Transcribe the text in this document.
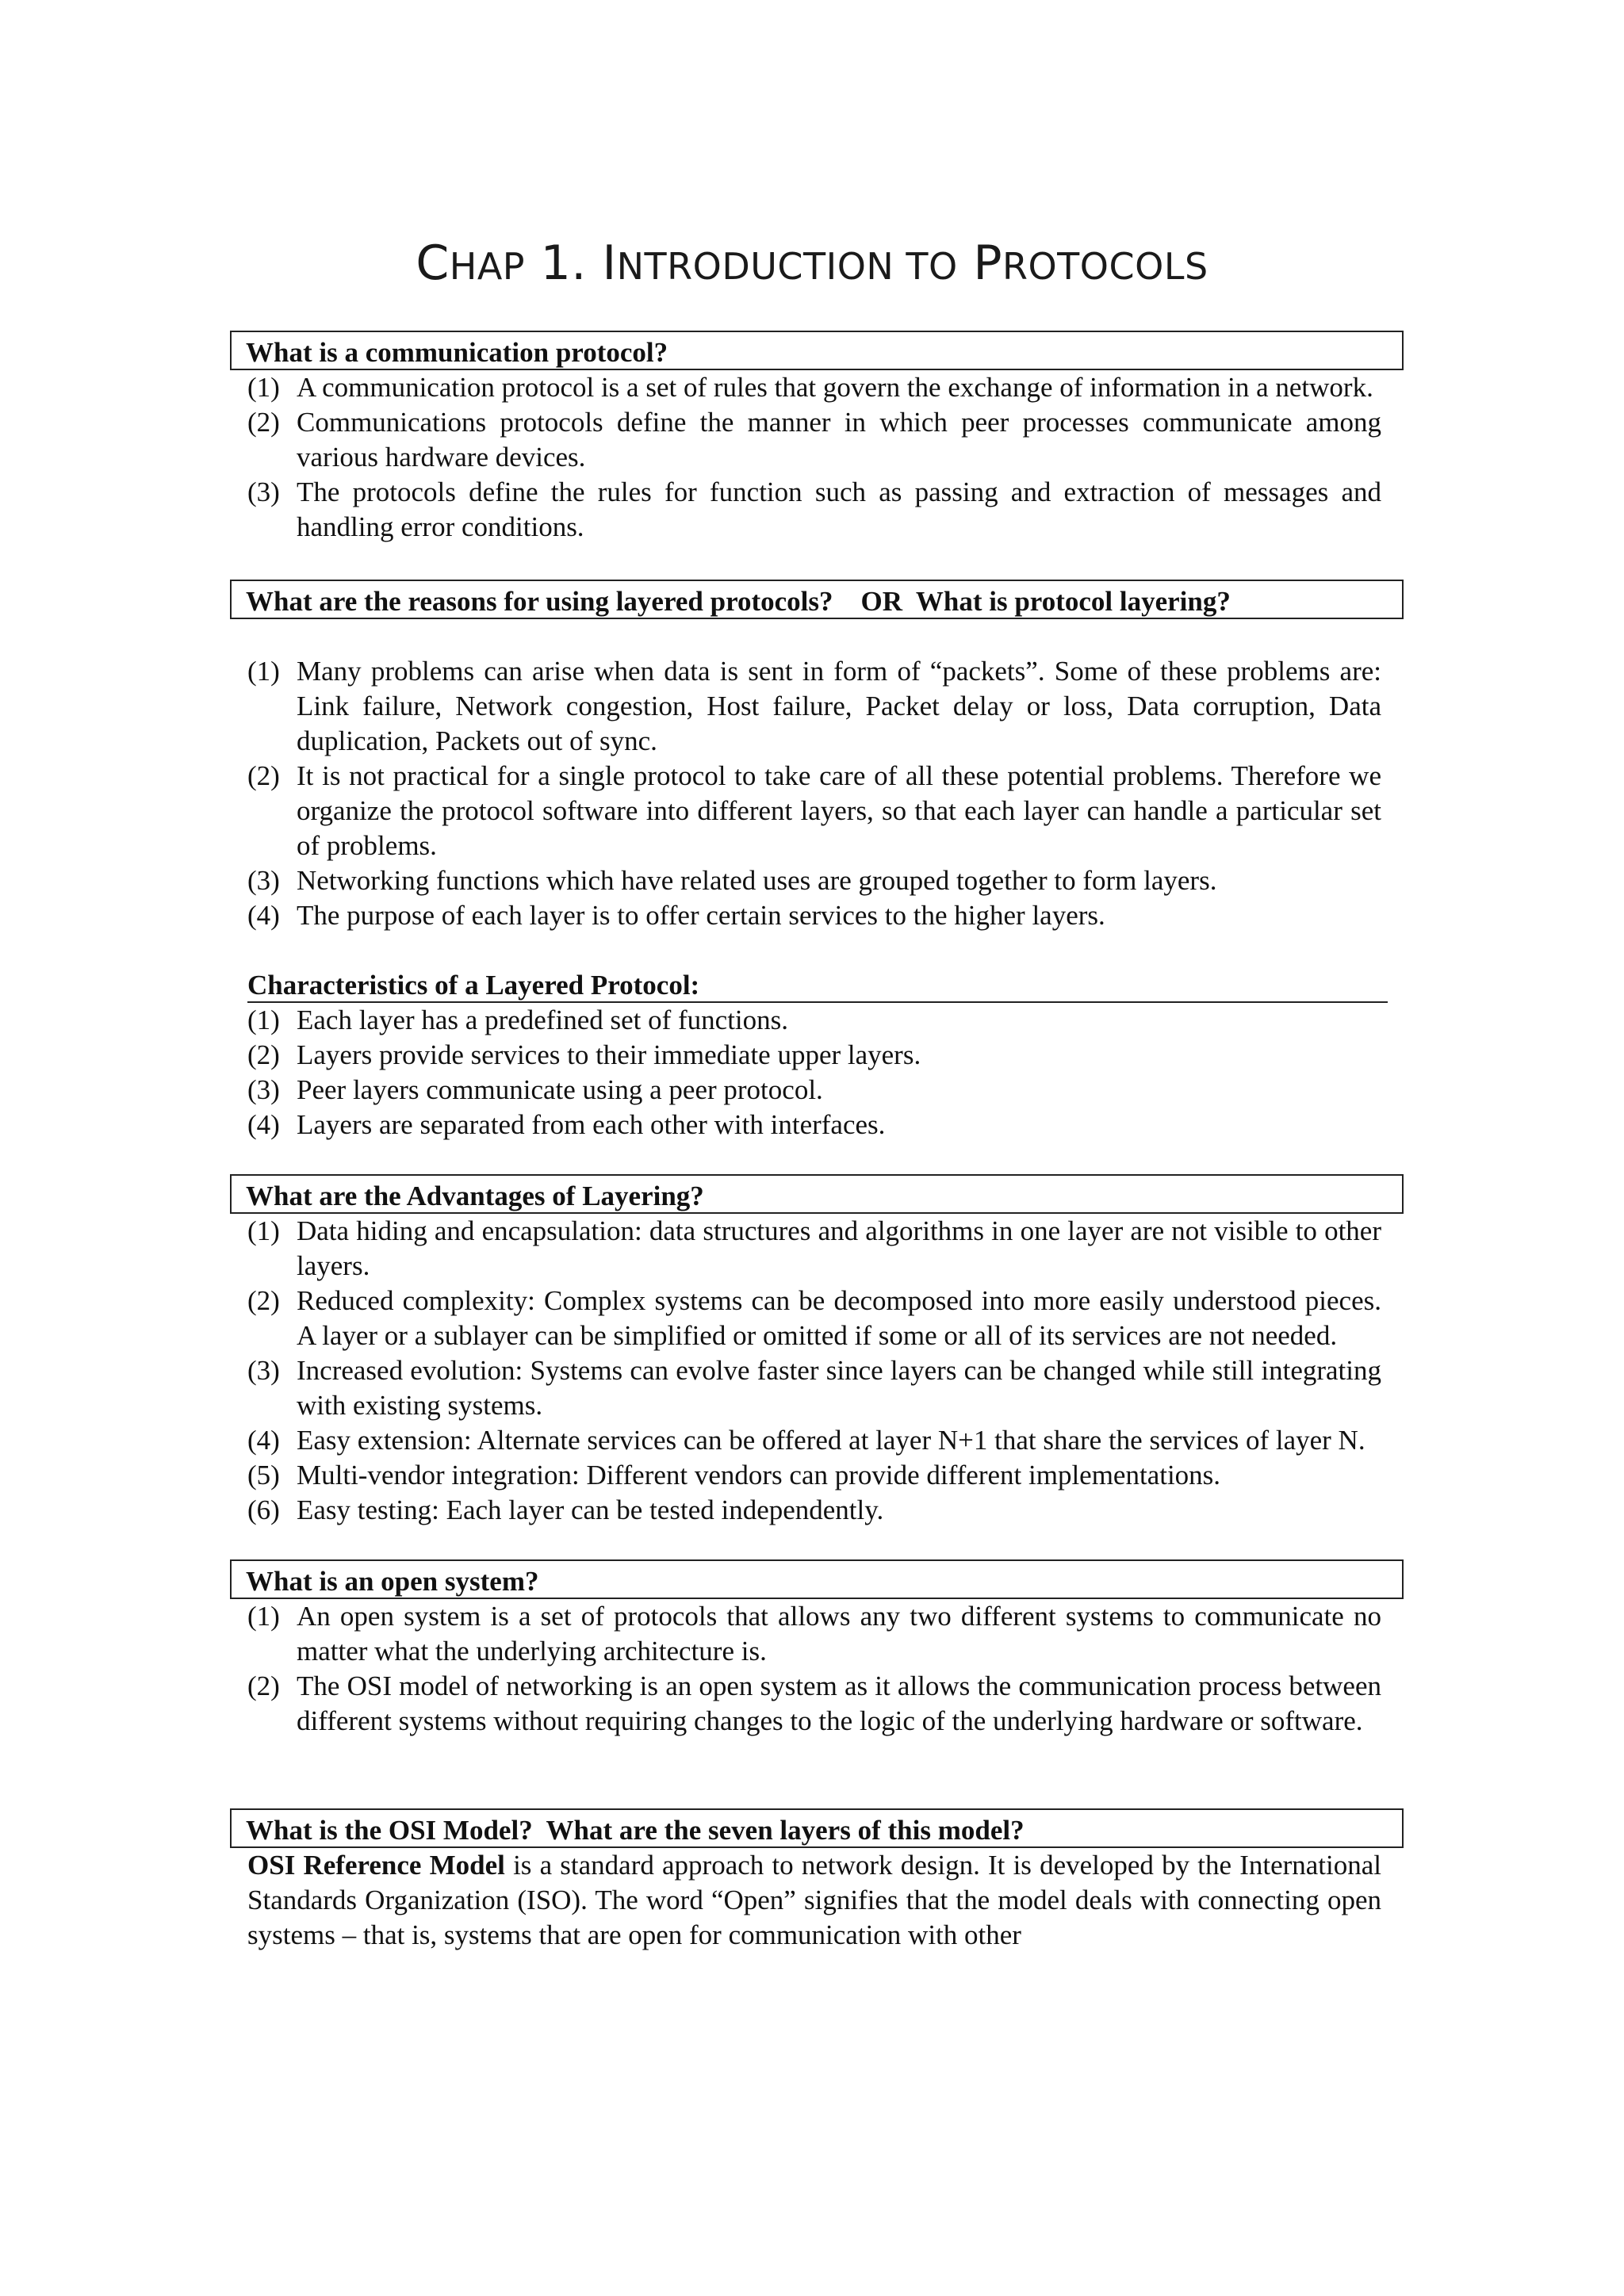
CHAP 1. INTRODUCTION TO PROTOCOLS
What is a communication protocol?
(1) A communication protocol is a set of rules that govern the exchange of information in a network.
(2) Communications protocols define the manner in which peer processes communicate among various hardware devices.
(3) The protocols define the rules for function such as passing and extraction of messages and handling error conditions.
What are the reasons for using layered protocols?    OR  What is protocol layering?
(1) Many problems can arise when data is sent in form of “packets”. Some of these problems are: Link failure, Network congestion, Host failure, Packet delay or loss, Data corruption, Data duplication, Packets out of sync.
(2) It is not practical for a single protocol to take care of all these potential problems. Therefore we organize the protocol software into different layers, so that each layer can handle a particular set of problems.
(3) Networking functions which have related uses are grouped together to form layers.
(4) The purpose of each layer is to offer certain services to the higher layers.
Characteristics of a Layered Protocol:
(1) Each layer has a predefined set of functions.
(2) Layers provide services to their immediate upper layers.
(3) Peer layers communicate using a peer protocol.
(4) Layers are separated from each other with interfaces.
What are the Advantages of Layering?
(1) Data hiding and encapsulation: data structures and algorithms in one layer are not visible to other layers.
(2) Reduced complexity: Complex systems can be decomposed into more easily understood pieces. A layer or a sublayer can be simplified or omitted if some or all of its services are not needed.
(3) Increased evolution: Systems can evolve faster since layers can be changed while still integrating with existing systems.
(4) Easy extension: Alternate services can be offered at layer N+1 that share the services of layer N.
(5) Multi-vendor integration: Different vendors can provide different implementations.
(6) Easy testing: Each layer can be tested independently.
What is an open system?
(1) An open system is a set of protocols that allows any two different systems to communicate no matter what the underlying architecture is.
(2) The OSI model of networking is an open system as it allows the communication process between different systems without requiring changes to the logic of the underlying hardware or software.
What is the OSI Model?  What are the seven layers of this model?
OSI Reference Model is a standard approach to network design. It is developed by the International Standards Organization (ISO). The word “Open” signifies that the model deals with connecting open systems – that is, systems that are open for communication with other
